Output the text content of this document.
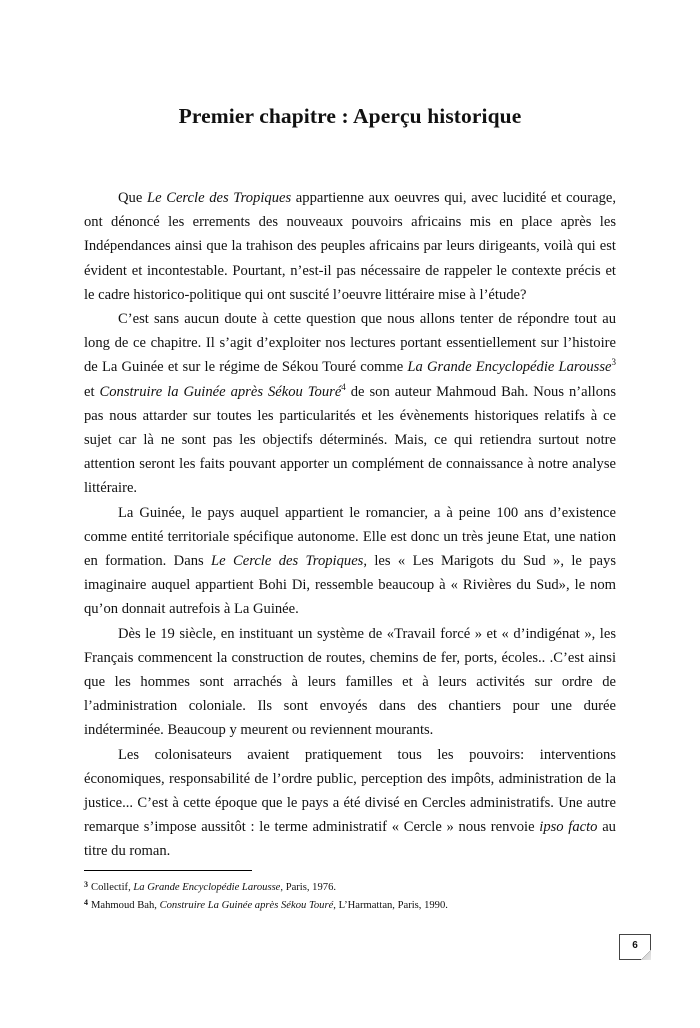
Premier chapitre : Aperçu historique

Que Le Cercle des Tropiques appartienne aux oeuvres qui, avec lucidité et courage, ont dénoncé les errements des nouveaux pouvoirs africains mis en place après les Indépendances ainsi que la trahison des peuples africains par leurs dirigeants, voilà qui est évident et incontestable. Pourtant, n’est-il pas nécessaire de rappeler le contexte précis et le cadre historico-politique qui ont suscité l’oeuvre littéraire mise à l’étude?

C’est sans aucun doute à cette question que nous allons tenter de répondre tout au long de ce chapitre. Il s’agit d’exploiter nos lectures portant essentiellement sur l’histoire de La Guinée et sur le régime de Sékou Touré comme La Grande Encyclopédie Larousse$^3$ et Construire la Guinée après Sékou Touré$^4$ de son auteur Mahmoud Bah. Nous n’allons pas nous attarder sur toutes les particularités et les évènements historiques relatifs à ce sujet car là ne sont pas les objectifs déterminés. Mais, ce qui retiendra surtout notre attention seront les faits pouvant apporter un complément de connaissance à notre analyse littéraire.

La Guinée, le pays auquel appartient le romancier, a à peine 100 ans d’existence comme entité territoriale spécifique autonome. Elle est donc un très jeune Etat, une nation en formation. Dans Le Cercle des Tropiques, les « Les Marigots du Sud », le pays imaginaire auquel appartient Bohi Di, ressemble beaucoup à « Rivières du Sud», le nom qu’on donnait autrefois à La Guinée.

Dès le 19 siècle, en instituant un système de «Travail forcé » et « d’indigénat », les Français commencent la construction de routes, chemins de fer, ports, écoles.. .C’est ainsi que les hommes sont arrachés à leurs familles et à leurs activités sur ordre de l’administration coloniale. Ils sont envoyés dans des chantiers pour une durée indéterminée. Beaucoup y meurent ou reviennent mourants.

Les colonisateurs avaient pratiquement tous les pouvoirs: interventions économiques, responsabilité de l’ordre public, perception des impôts, administration de la justice... C’est à cette époque que le pays a été divisé en Cercles administratifs. Une autre remarque s’impose aussitôt : le terme administratif « Cercle » nous renvoie ipso facto au titre du roman.

$^3$ Collectif, La Grande Encyclopédie Larousse, Paris, 1976.

$^4$ Mahmoud Bah, Construire La Guinée après Sékou Touré, L’Harmattan, Paris, 1990.

6
